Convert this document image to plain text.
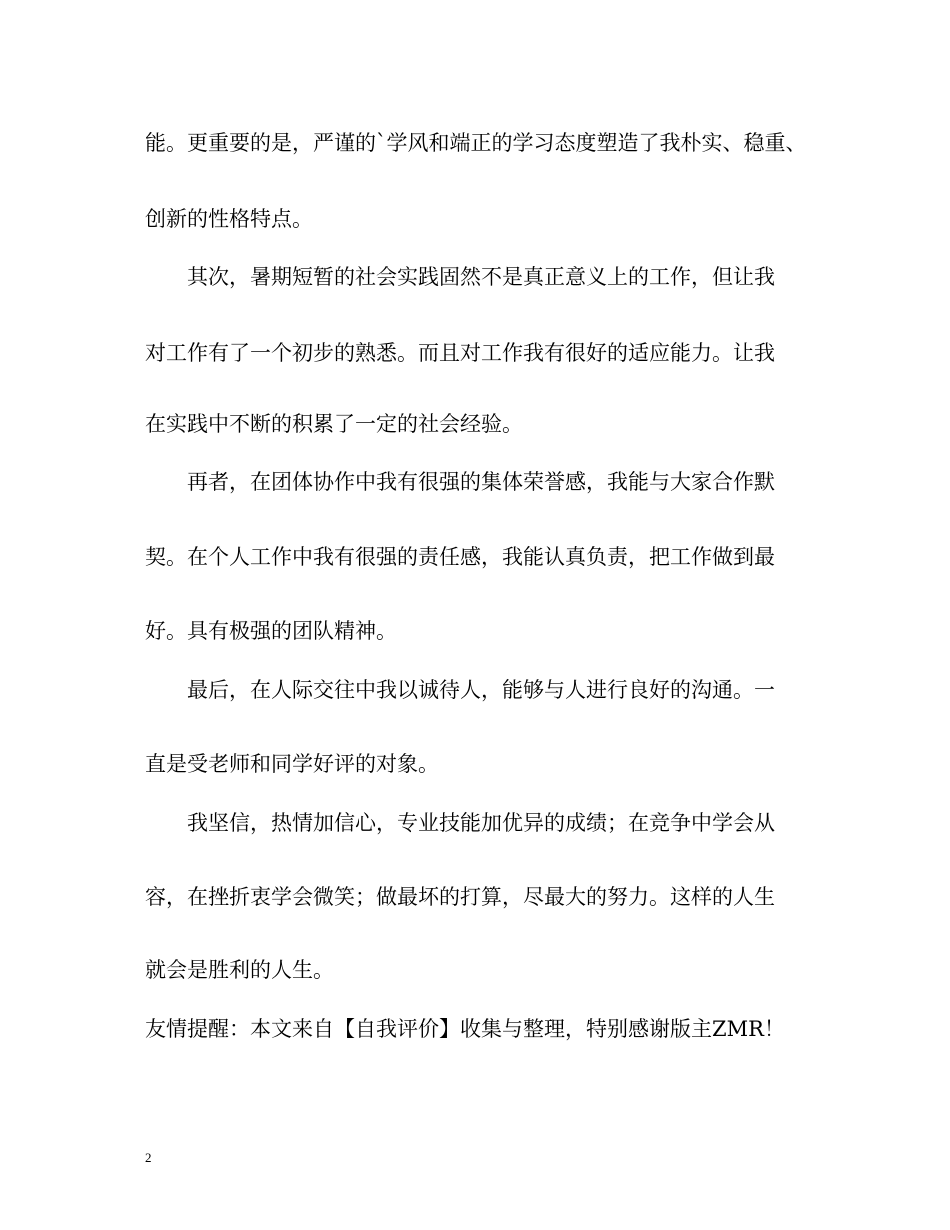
能。更重要的是，严谨的`学风和端正的学习态度塑造了我朴实、稳重、
创新的性格特点。
其次，暑期短暂的社会实践固然不是真正意义上的工作，但让我
对工作有了一个初步的熟悉。而且对工作我有很好的适应能力。让我
在实践中不断的积累了一定的社会经验。
再者，在团体协作中我有很强的集体荣誉感，我能与大家合作默
契。在个人工作中我有很强的责任感，我能认真负责，把工作做到最
好。具有极强的团队精神。
最后，在人际交往中我以诚待人，能够与人进行良好的沟通。一
直是受老师和同学好评的对象。
我坚信，热情加信心，专业技能加优异的成绩；在竞争中学会从
容，在挫折衷学会微笑；做最坏的打算，尽最大的努力。这样的人生
就会是胜利的人生。
友情提醒：本文来自【自我评价】收集与整理，特别感谢版主ZMR！
2
